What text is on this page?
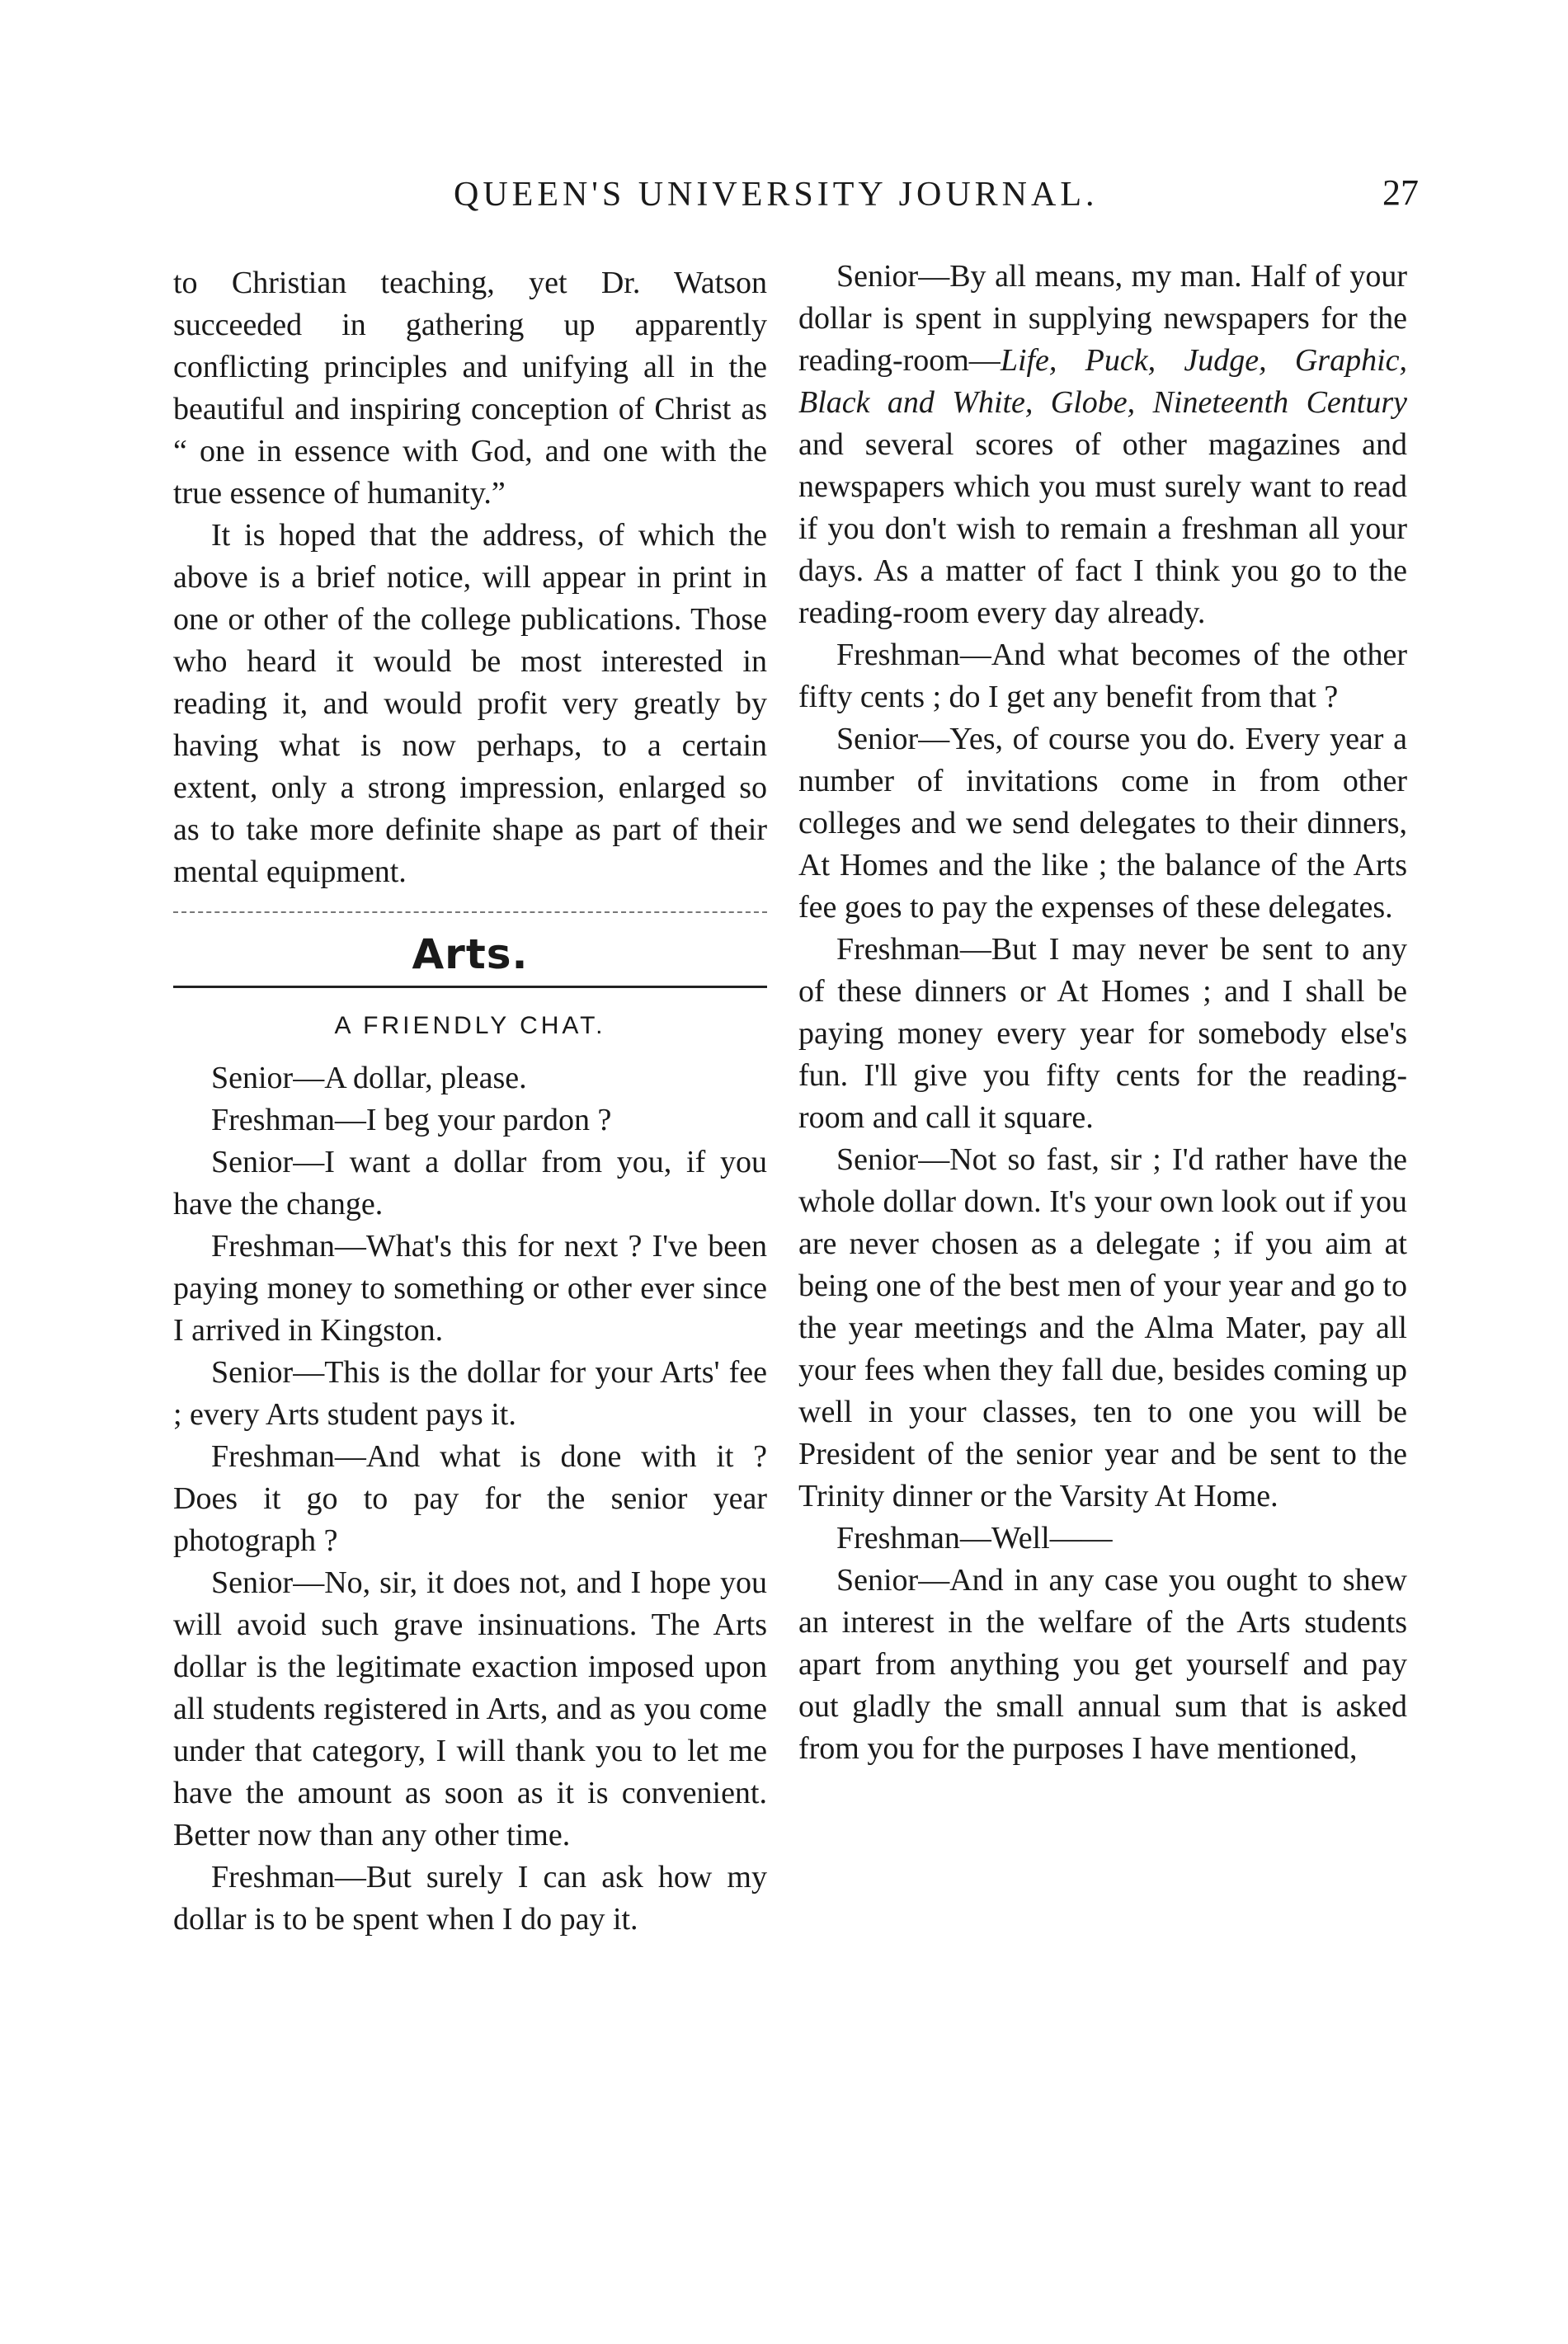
QUEEN'S UNIVERSITY JOURNAL.	27

to Christian teaching, yet Dr. Watson succeeded in gathering up apparently conflicting principles and unifying all in the beautiful and inspiring conception of Christ as “ one in essence with God, and one with the true essence of humanity.”

It is hoped that the address, of which the above is a brief notice, will appear in print in one or other of the college publications. Those who heard it would be most interested in reading it, and would profit very greatly by having what is now perhaps, to a certain extent, only a strong impression, enlarged so as to take more definite shape as part of their mental equipment.

Arts.
A FRIENDLY CHAT.

Senior—A dollar, please.

Freshman—I beg your pardon ?

Senior—I want a dollar from you, if you have the change.

Freshman—What's this for next ? I've been paying money to something or other ever since I arrived in Kingston.

Senior—This is the dollar for your Arts' fee ; every Arts student pays it.

Freshman—And what is done with it ? Does it go to pay for the senior year photograph ?

Senior—No, sir, it does not, and I hope you will avoid such grave insinuations. The Arts dollar is the legitimate exaction imposed upon all students registered in Arts, and as you come under that category, I will thank you to let me have the amount as soon as it is convenient. Better now than any other time.

Freshman—But surely I can ask how my dollar is to be spent when I do pay it.

Senior—By all means, my man. Half of your dollar is spent in supplying newspapers for the reading-room—Life, Puck, Judge, Graphic, Black and White, Globe, Nineteenth Century and several scores of other magazines and newspapers which you must surely want to read if you don't wish to remain a freshman all your days. As a matter of fact I think you go to the reading-room every day already.

Freshman—And what becomes of the other fifty cents ; do I get any benefit from that ?

Senior—Yes, of course you do. Every year a number of invitations come in from other colleges and we send delegates to their dinners, At Homes and the like ; the balance of the Arts fee goes to pay the expenses of these delegates.

Freshman—But I may never be sent to any of these dinners or At Homes ; and I shall be paying money every year for somebody else's fun. I'll give you fifty cents for the reading-room and call it square.

Senior—Not so fast, sir ; I'd rather have the whole dollar down. It's your own look out if you are never chosen as a delegate ; if you aim at being one of the best men of your year and go to the year meetings and the Alma Mater, pay all your fees when they fall due, besides coming up well in your classes, ten to one you will be President of the senior year and be sent to the Trinity dinner or the Varsity At Home.

Freshman—Well——

Senior—And in any case you ought to shew an interest in the welfare of the Arts students apart from anything you get yourself and pay out gladly the small annual sum that is asked from you for the purposes I have mentioned,
